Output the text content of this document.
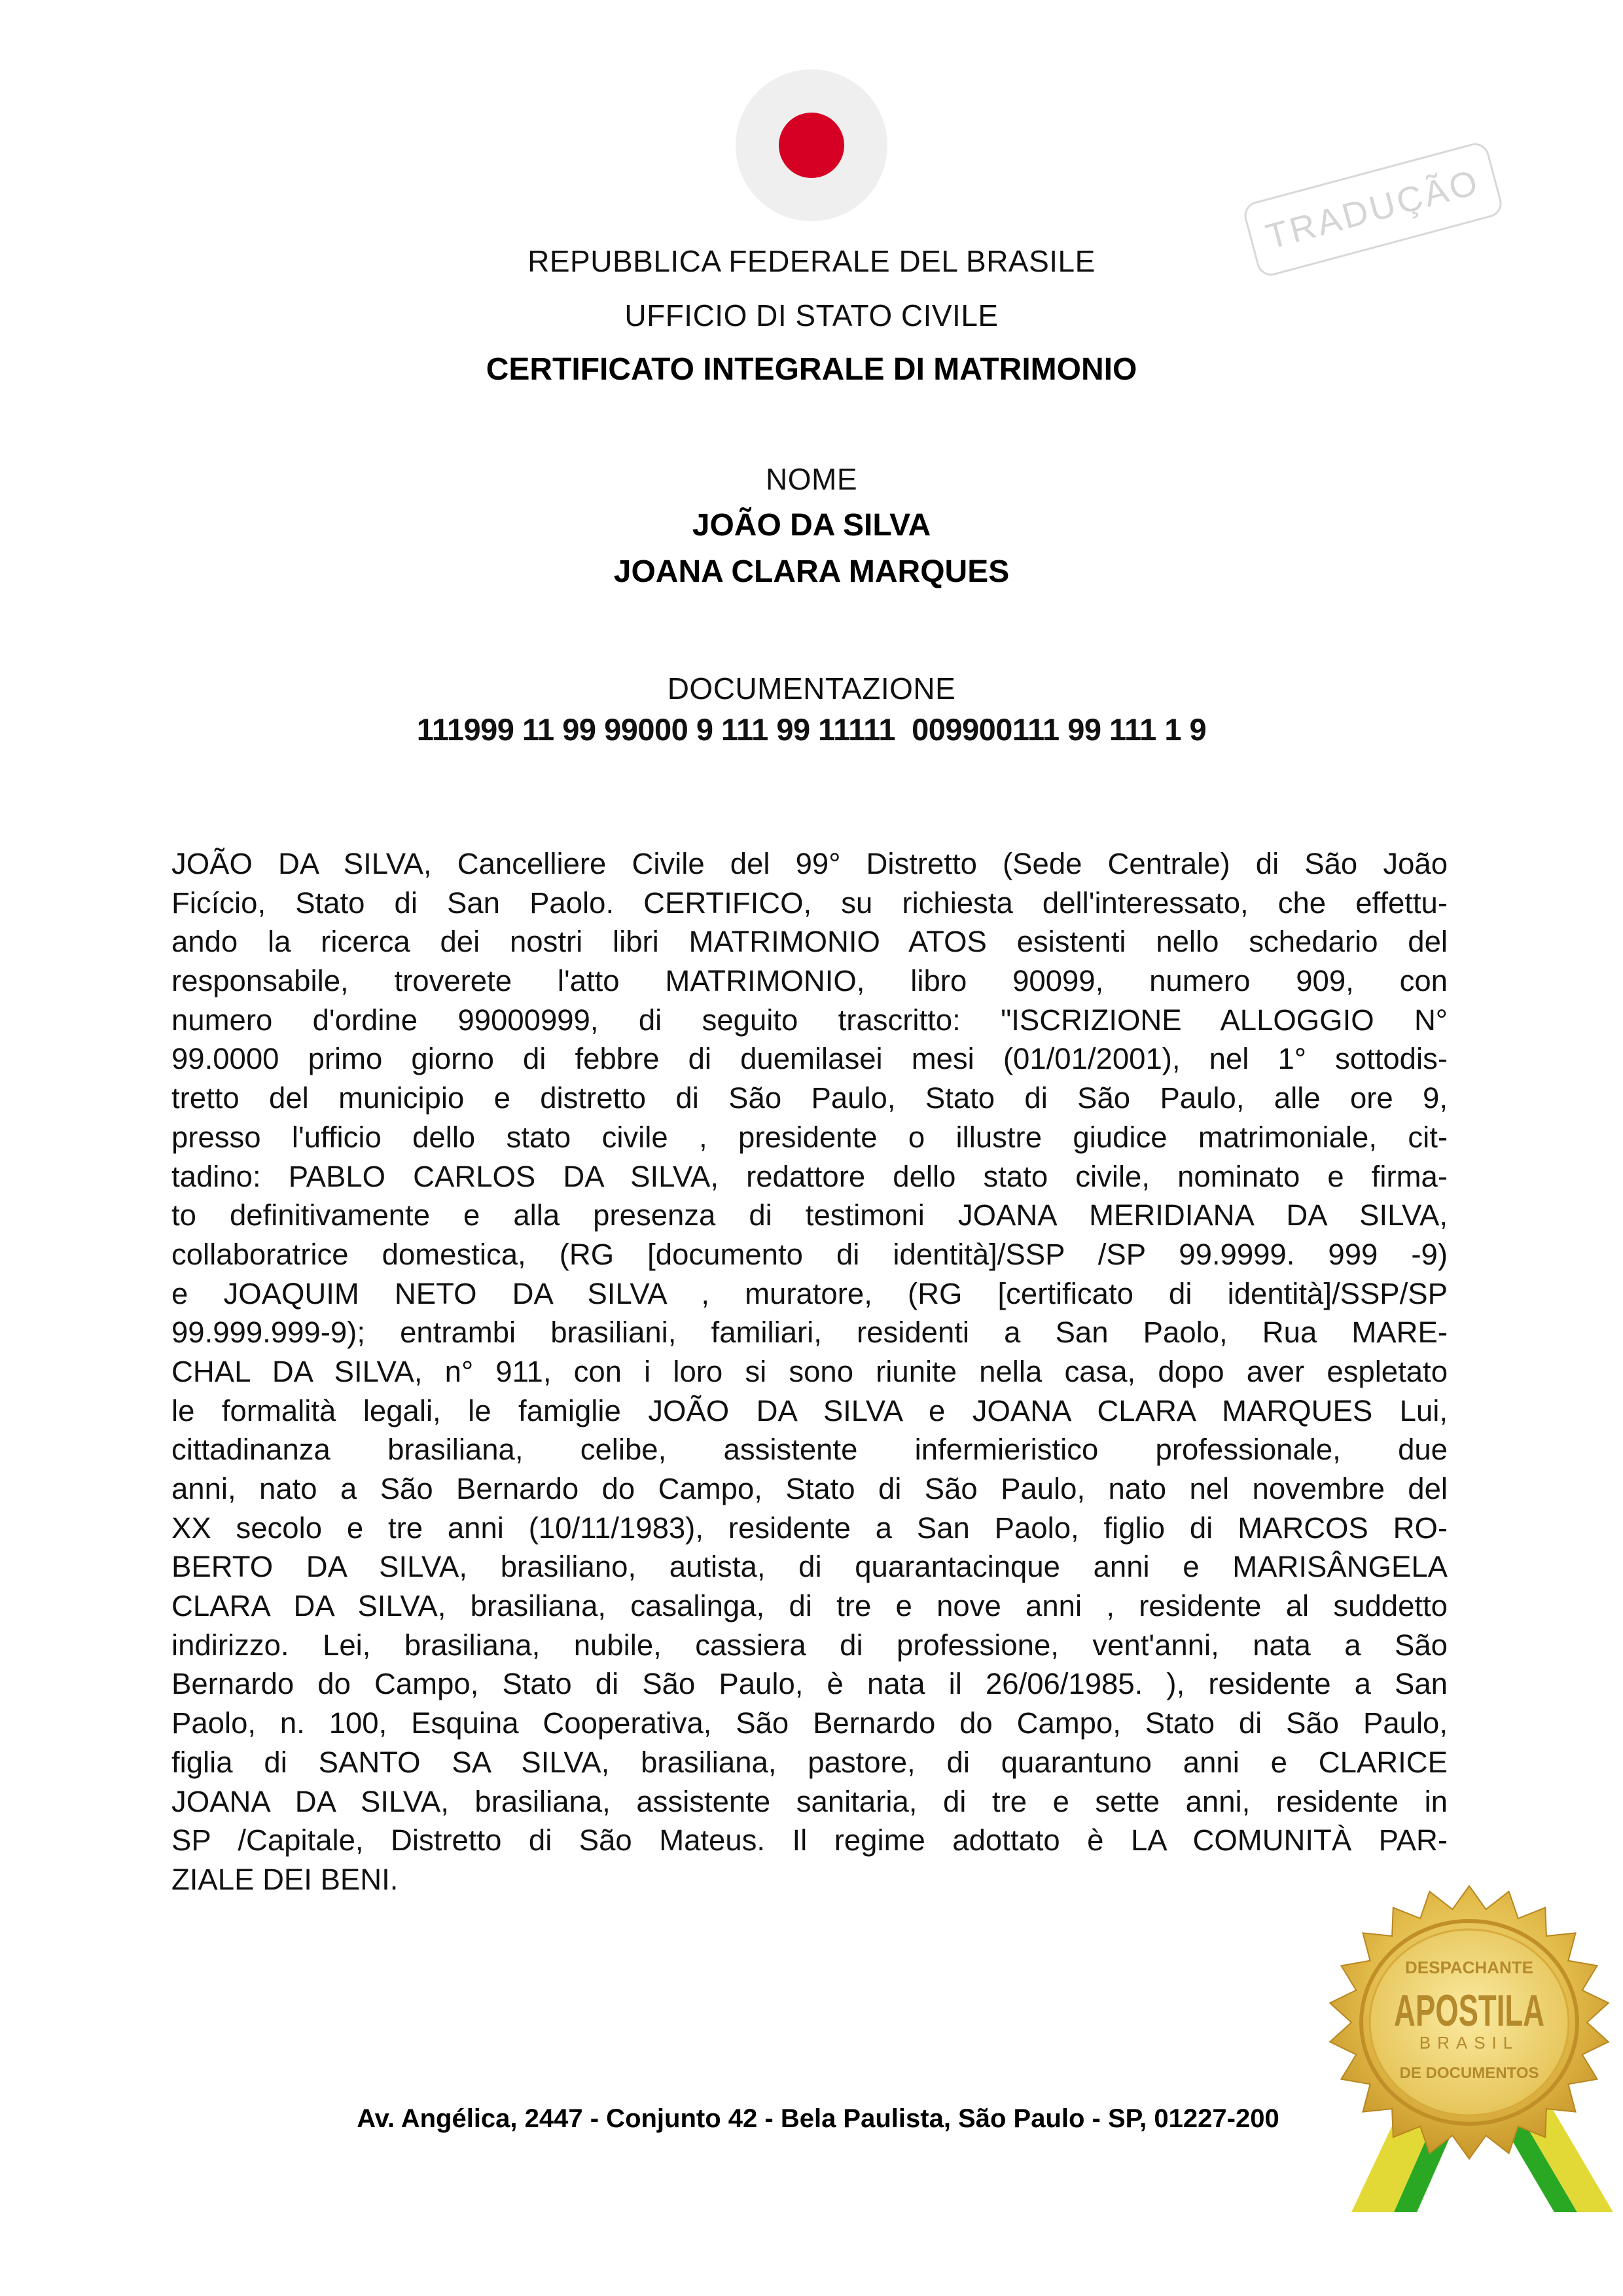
TRADUÇÃO
REPUBBLICA FEDERALE DEL BRASILE
UFFICIO DI STATO CIVILE
CERTIFICATO INTEGRALE DI MATRIMONIO
NOME
JOÃO DA SILVA
JOANA CLARA MARQUES
DOCUMENTAZIONE
111999 11 99 99000 9 111 99 11111  009900111 99 111 1 9
JOÃO DA SILVA, Cancelliere Civile del 99° Distretto (Sede Centrale) di São João
Ficício, Stato di San Paolo. CERTIFICO, su richiesta dell'interessato, che effettu-
ando la ricerca dei nostri libri MATRIMONIO ATOS esistenti nello schedario del
responsabile, troverete l'atto MATRIMONIO, libro 90099, numero 909, con
numero d'ordine 99000999, di seguito trascritto: "ISCRIZIONE ALLOGGIO N°
99.0000 primo giorno di febbre di duemilasei mesi (01/01/2001), nel 1° sottodis-
tretto del municipio e distretto di São Paulo, Stato di São Paulo, alle ore 9,
presso l'ufficio dello stato civile , presidente o illustre giudice matrimoniale, cit-
tadino: PABLO CARLOS DA SILVA, redattore dello stato civile, nominato e firma-
to definitivamente e alla presenza di testimoni JOANA MERIDIANA DA SILVA,
collaboratrice domestica, (RG [documento di identità]/SSP /SP 99.9999. 999 -9)
e JOAQUIM NETO DA SILVA , muratore, (RG [certificato di identità]/SSP/SP
99.999.999-9); entrambi brasiliani, familiari, residenti a San Paolo, Rua MARE-
CHAL DA SILVA, n° 911, con i loro si sono riunite nella casa, dopo aver espletato
le formalità legali, le famiglie JOÃO DA SILVA e JOANA CLARA MARQUES Lui,
cittadinanza brasiliana, celibe, assistente infermieristico professionale, due
anni, nato a São Bernardo do Campo, Stato di São Paulo, nato nel novembre del
XX secolo e tre anni (10/11/1983), residente a San Paolo, figlio di MARCOS RO-
BERTO DA SILVA, brasiliano, autista, di quarantacinque anni e MARISÂNGELA
CLARA DA SILVA, brasiliana, casalinga, di tre e nove anni , residente al suddetto
indirizzo. Lei, brasiliana, nubile, cassiera di professione, vent'anni, nata a São
Bernardo do Campo, Stato di São Paulo, è nata il 26/06/1985. ), residente a San
Paolo, n. 100, Esquina Cooperativa, São Bernardo do Campo, Stato di São Paulo,
figlia di SANTO SA SILVA, brasiliana, pastore, di quarantuno anni e CLARICE
JOANA DA SILVA, brasiliana, assistente sanitaria, di tre e sette anni, residente in
SP /Capitale, Distretto di São Mateus. Il regime adottato è LA COMUNITÀ PAR-
ZIALE DEI BENI.
Av. Angélica, 2447 - Conjunto 42 - Bela Paulista, São Paulo - SP, 01227-200
DESPACHANTE
APOSTILA
BRASIL
DE DOCUMENTOS
